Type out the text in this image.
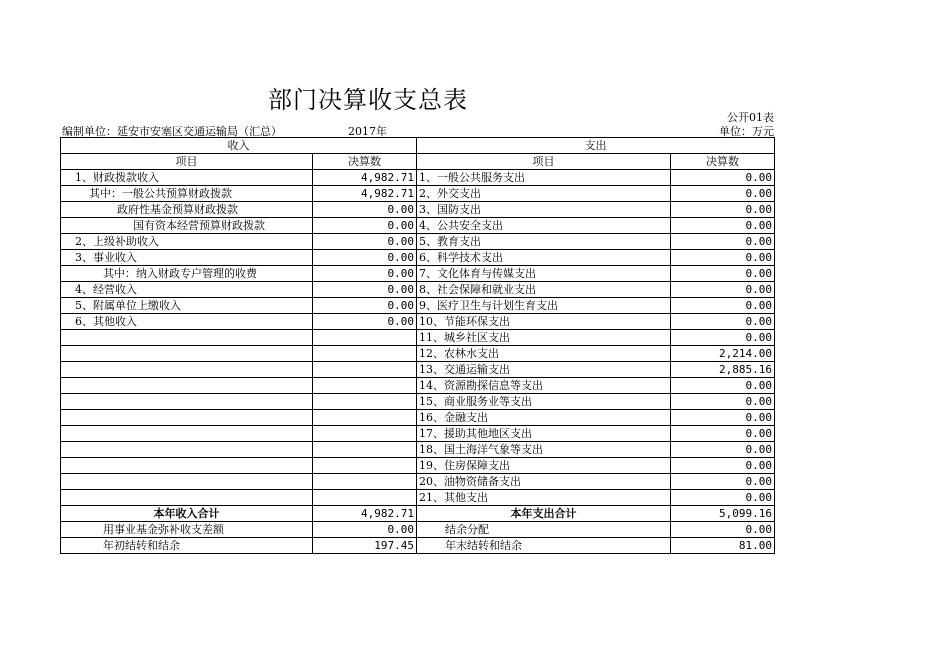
部门决算收支总表
公开01表
编制单位：延安市安塞区交通运输局（汇总）	2017年	单位：万元
收入		支出	
项目	决算数	项目	决算数
1、财政拨款收入	4,982.71	1、一般公共服务支出	0.00
其中：一般公共预算财政拨款	4,982.71	2、外交支出	0.00
政府性基金预算财政拨款	0.00	3、国防支出	0.00
国有资本经营预算财政拨款	0.00	4、公共安全支出	0.00
2、上级补助收入	0.00	5、教育支出	0.00
3、事业收入	0.00	6、科学技术支出	0.00
其中：纳入财政专户管理的收费	0.00	7、文化体育与传媒支出	0.00
4、经营收入	0.00	8、社会保障和就业支出	0.00
5、附属单位上缴收入	0.00	9、医疗卫生与计划生育支出	0.00
6、其他收入	0.00	10、节能环保支出	0.00
		11、城乡社区支出	0.00
		12、农林水支出	2,214.00
		13、交通运输支出	2,885.16
		14、资源勘探信息等支出	0.00
		15、商业服务业等支出	0.00
		16、金融支出	0.00
		17、援助其他地区支出	0.00
		18、国土海洋气象等支出	0.00
		19、住房保障支出	0.00
		20、油物资储备支出	0.00
		21、其他支出	0.00
本年收入合计	4,982.71	本年支出合计	5,099.16
用事业基金弥补收支差额	0.00	结余分配	0.00
年初结转和结余	197.45	年末结转和结余	81.00
